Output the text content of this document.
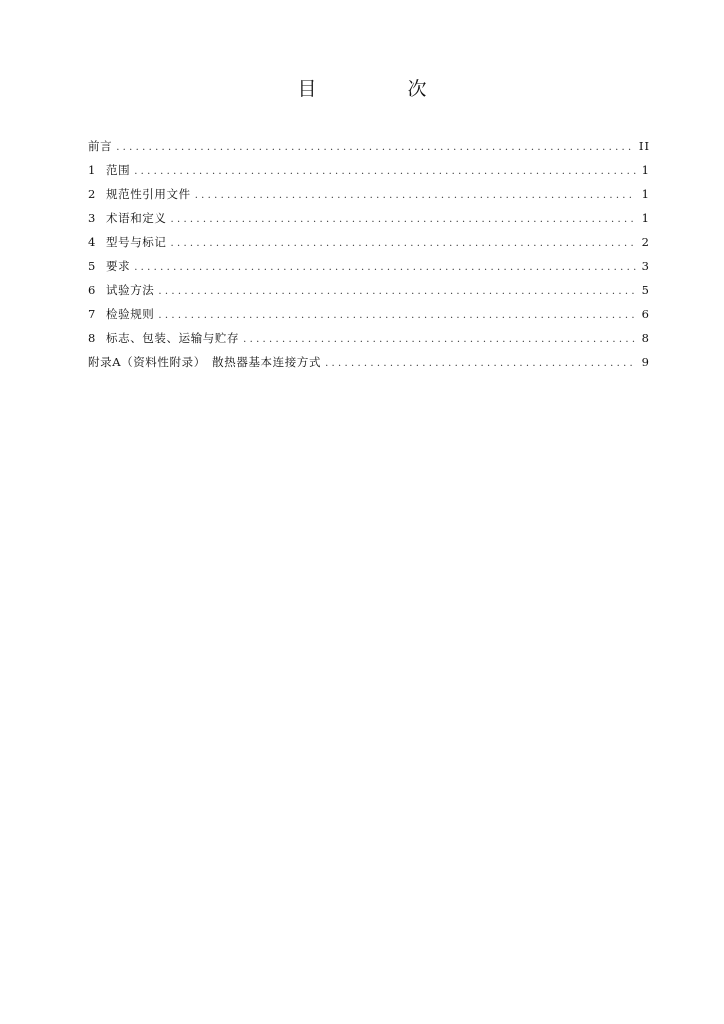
目　次
前言 .....	II
1 范围 .....	1
2 规范性引用文件 .....	1
3 术语和定义 .....	1
4 型号与标记 .....	2
5 要求 .....	3
6 试验方法 .....	5
7 检验规则 .....	6
8 标志、包装、运输与贮存 .....	8
附录A（资料性附录）　散热器基本连接方式 .....	9
